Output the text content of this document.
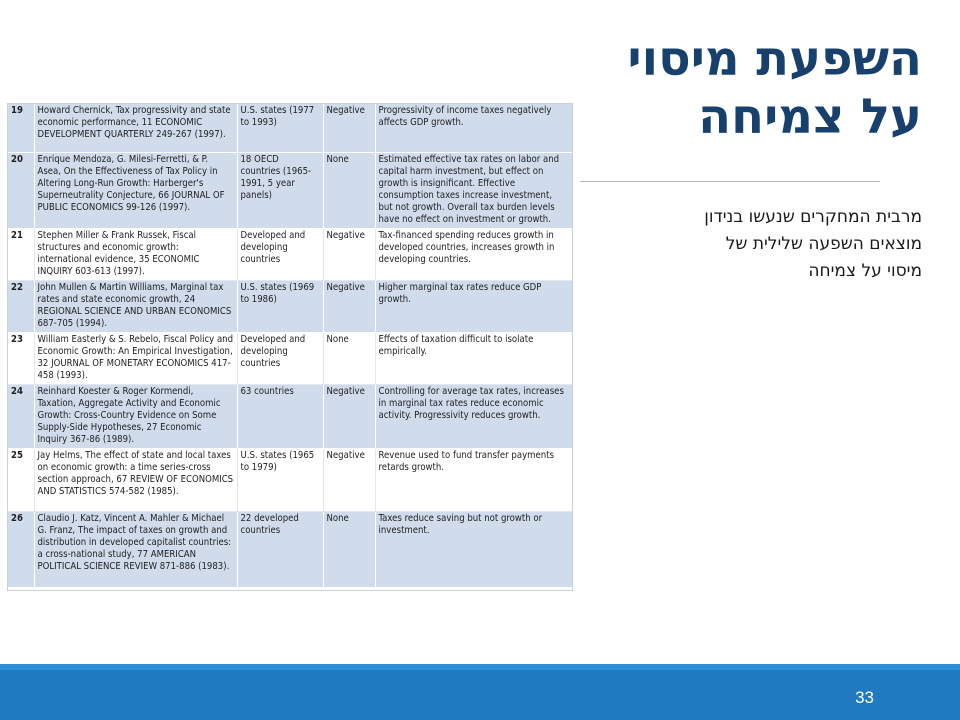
השפעת מיסוי
על צמיחה
מרבית המחקרים שנעשו בנידון
מוצאים השפעה שלילית של
מיסוי על צמיחה
19	Howard Chernick, Tax progressivity and state economic performance, 11 ECONOMIC DEVELOPMENT QUARTERLY 249-267 (1997).	U.S. states (1977 to 1993)	Negative	Progressivity of income taxes negatively affects GDP growth.
20	Enrique Mendoza, G. Milesi-Ferretti, & P. Asea, On the Effectiveness of Tax Policy in Altering Long-Run Growth: Harberger's Superneutrality Conjecture, 66 JOURNAL OF PUBLIC ECONOMICS 99-126 (1997).	18 OECD countries (1965-1991, 5 year panels)	None	Estimated effective tax rates on labor and capital harm investment, but effect on growth is insignificant. Effective consumption taxes increase investment, but not growth. Overall tax burden levels have no effect on investment or growth.
21	Stephen Miller & Frank Russek, Fiscal structures and economic growth: international evidence, 35 ECONOMIC INQUIRY 603-613 (1997).	Developed and developing countries	Negative	Tax-financed spending reduces growth in developed countries, increases growth in developing countries.
22	John Mullen & Martin Williams, Marginal tax rates and state economic growth, 24 REGIONAL SCIENCE AND URBAN ECONOMICS 687-705 (1994).	U.S. states (1969 to 1986)	Negative	Higher marginal tax rates reduce GDP growth.
23	William Easterly & S. Rebelo, Fiscal Policy and Economic Growth: An Empirical Investigation, 32 JOURNAL OF MONETARY ECONOMICS 417-458 (1993).	Developed and developing countries	None	Effects of taxation difficult to isolate empirically.
24	Reinhard Koester & Roger Kormendi, Taxation, Aggregate Activity and Economic Growth: Cross-Country Evidence on Some Supply-Side Hypotheses, 27 Economic Inquiry 367-86 (1989).	63 countries	Negative	Controlling for average tax rates, increases in marginal tax rates reduce economic activity. Progressivity reduces growth.
25	Jay Helms, The effect of state and local taxes on economic growth: a time series-cross section approach, 67 REVIEW OF ECONOMICS AND STATISTICS 574-582 (1985).	U.S. states (1965 to 1979)	Negative	Revenue used to fund transfer payments retards growth.
26	Claudio J. Katz, Vincent A. Mahler & Michael G. Franz, The impact of taxes on growth and distribution in developed capitalist countries: a cross-national study, 77 AMERICAN POLITICAL SCIENCE REVIEW 871-886 (1983).	22 developed countries	None	Taxes reduce saving but not growth or investment.
33
